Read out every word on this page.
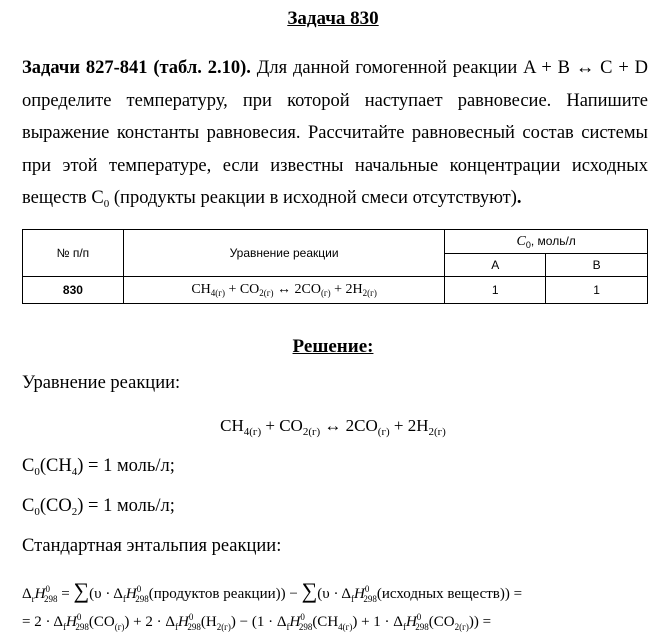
Задача 830
Задачи 827-841 (табл. 2.10). Для данной гомогенной реакции A + B ↔ C + D определите температуру, при которой наступает равновесие. Напишите выражение константы равновесия. Рассчитайте равновесный состав системы при этой температуре, если известны начальные концентрации исходных веществ $C_0$ (продукты реакции в исходной смеси отсутствуют).
№ п/п	Уравнение реакции	$C_0$, моль/л	
		A	B
830	$CH_{4(г)} + CO_{2(г)}$ ↔ $2CO_{(г)} + 2H_{2(г)}$	1	1
Решение:
Уравнение реакции:
$CH_{4(г)} + CO_{2(г)}$ ↔ $2CO_{(г)} + 2H_{2(г)}$
$C_0(CH_4) = 1$ моль/л;
$C_0(CO_2) = 1$ моль/л;
Стандартная энтальпия реакции:
$\Delta_rH^0_{298} = \sum(\upsilon$ · $\Delta_fH^0_{298}(продуктов$ реакции)) − $\sum(\upsilon \cdot \Delta_fH^0_{298}(исходных$ веществ)) =
= $2 \cdot \Delta_fH^0_{298}(CO_{(г)}) + 2 \cdot \Delta_fH^0_{298}(H_{2(г)}) - (1 \cdot \Delta_fH^0_{298}(CH_{4(г)}) + 1 \cdot \Delta_fH^0_{298}(CO_{2(г)}))$ =
